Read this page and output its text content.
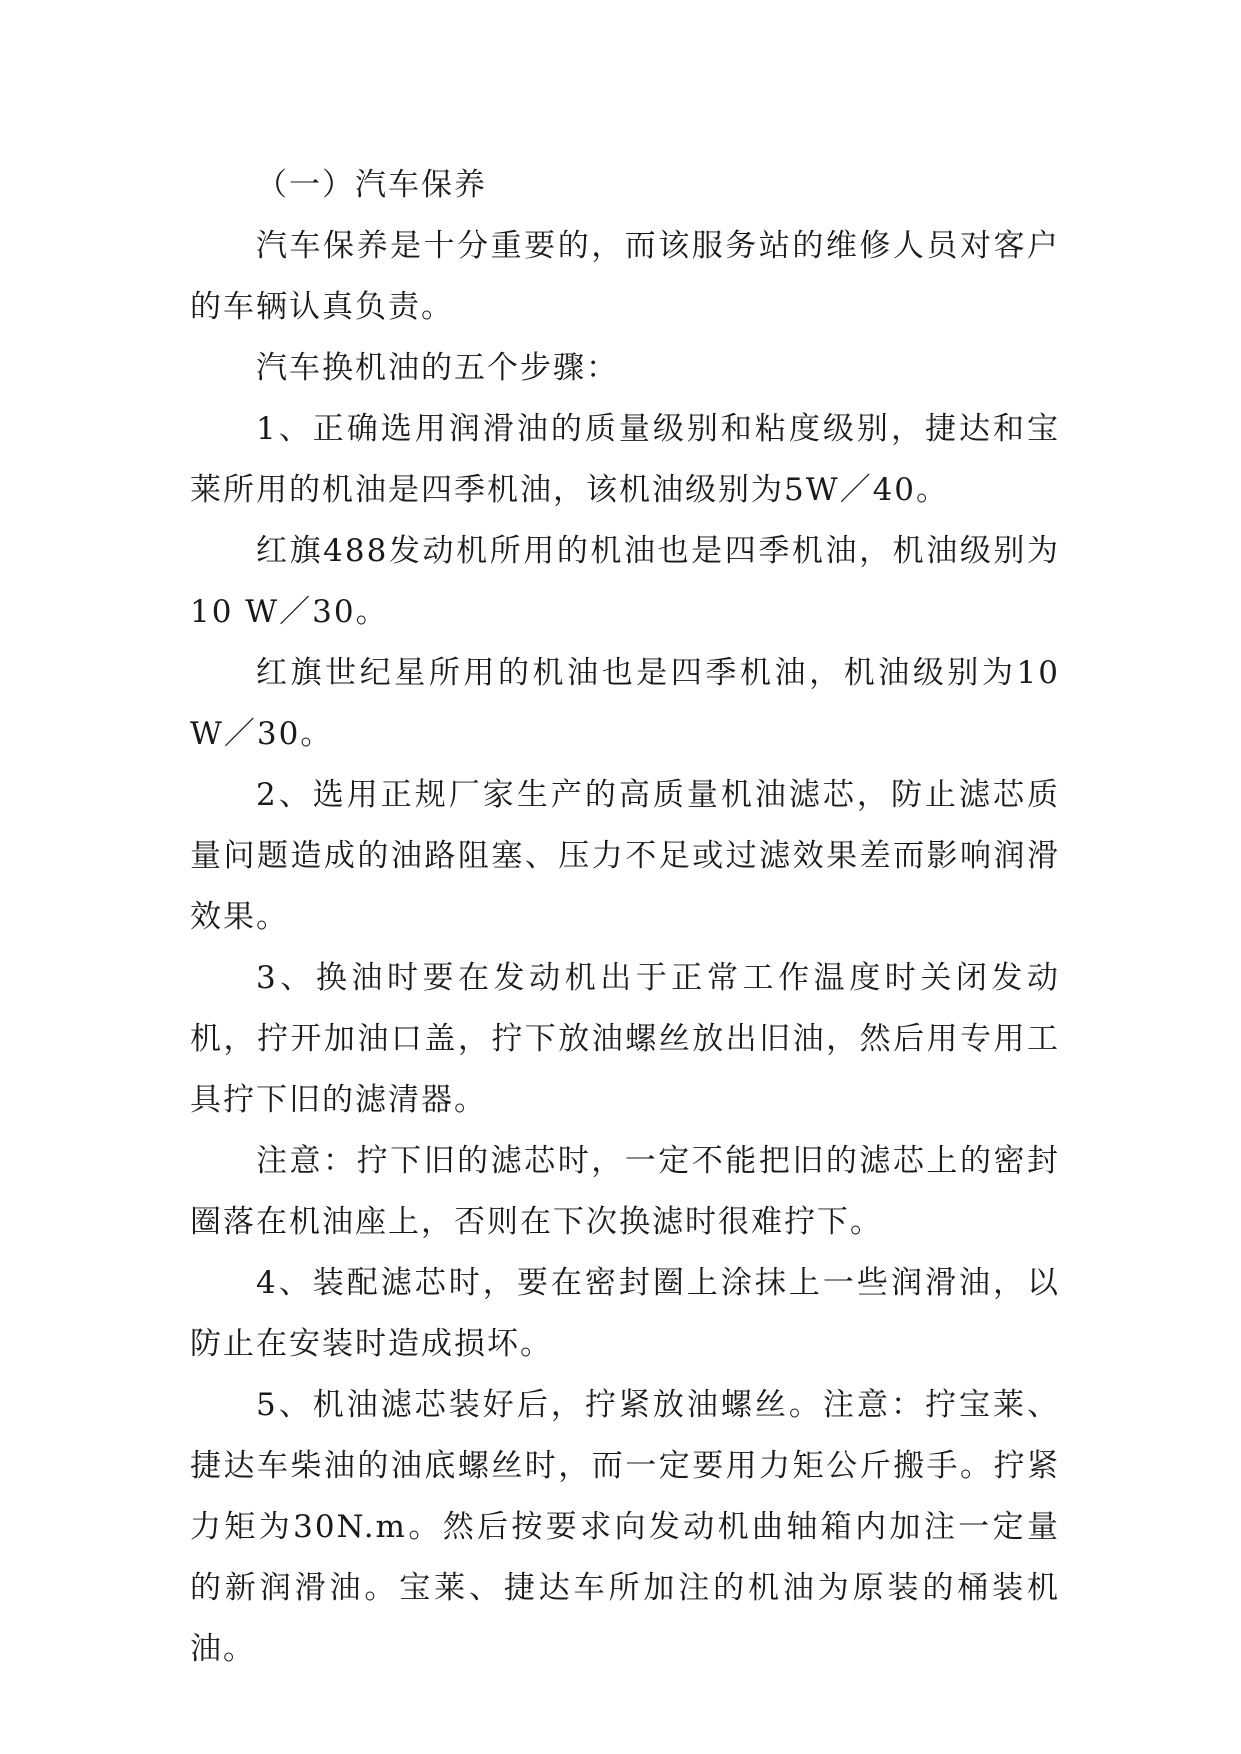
（一）汽车保养

汽车保养是十分重要的，而该服务站的维修人员对客户的车辆认真负责。

汽车换机油的五个步骤：

1、正确选用润滑油的质量级别和粘度级别，捷达和宝莱所用的机油是四季机油，该机油级别为5W／40。

红旗488发动机所用的机油也是四季机油，机油级别为10 W／30。

红旗世纪星所用的机油也是四季机油，机油级别为10 W／30。

2、选用正规厂家生产的高质量机油滤芯，防止滤芯质量问题造成的油路阻塞、压力不足或过滤效果差而影响润滑效果。

3、换油时要在发动机出于正常工作温度时关闭发动机，拧开加油口盖，拧下放油螺丝放出旧油，然后用专用工具拧下旧的滤清器。

注意：拧下旧的滤芯时，一定不能把旧的滤芯上的密封圈落在机油座上，否则在下次换滤时很难拧下。

4、装配滤芯时，要在密封圈上涂抹上一些润滑油，以防止在安装时造成损坏。

5、机油滤芯装好后，拧紧放油螺丝。注意：拧宝莱、捷达车柴油的油底螺丝时，而一定要用力矩公斤搬手。拧紧力矩为30N.m。然后按要求向发动机曲轴箱内加注一定量的新润滑油。宝莱、捷达车所加注的机油为原装的桶装机油。
